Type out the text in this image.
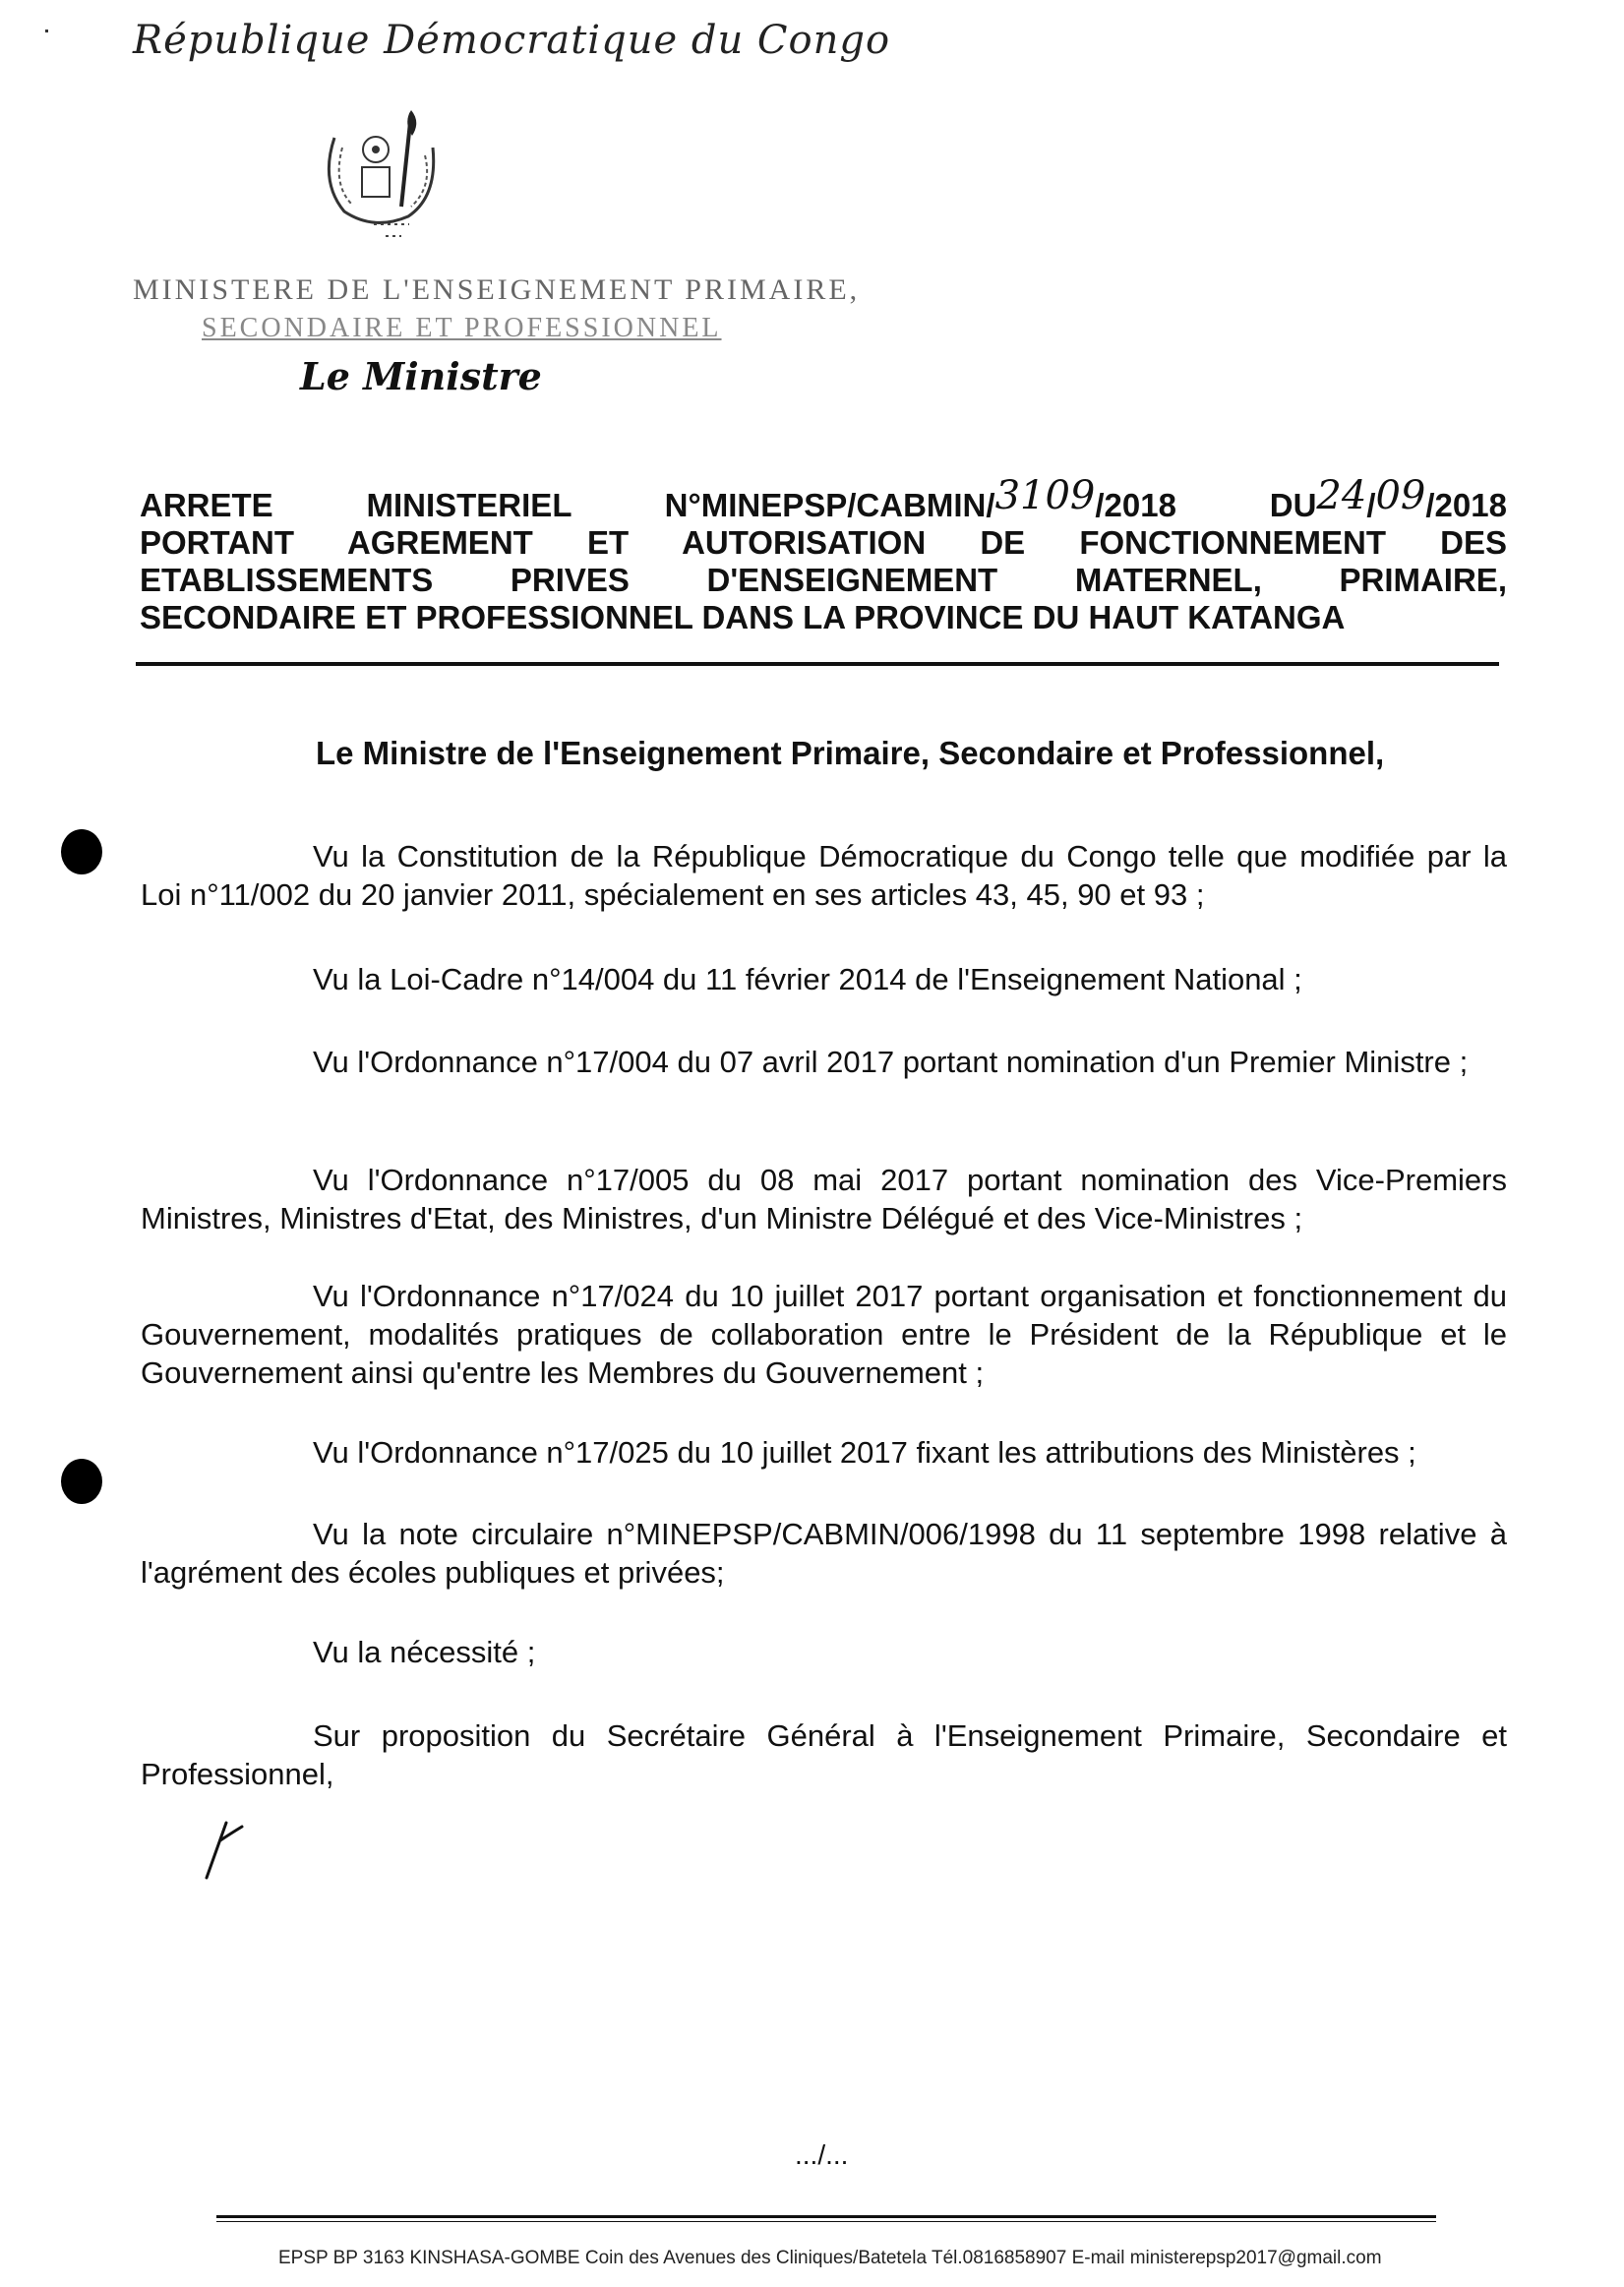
République Démocratique du Congo
MINISTERE DE L'ENSEIGNEMENT PRIMAIRE,
SECONDAIRE ET PROFESSIONNEL
Le Ministre
ARRETE MINISTERIEL N°MINEPSP/CABMIN/3109/2018 DU24/09/2018
PORTANT AGREMENT ET AUTORISATION DE FONCTIONNEMENT DES
ETABLISSEMENTS PRIVES D'ENSEIGNEMENT MATERNEL, PRIMAIRE,
SECONDAIRE ET PROFESSIONNEL DANS LA PROVINCE DU HAUT KATANGA
Le Ministre de l'Enseignement Primaire, Secondaire et Professionnel,
Vu la Constitution de la République Démocratique du Congo telle que modifiée par la Loi n°11/002 du 20 janvier 2011, spécialement en ses articles 43, 45, 90 et 93 ;
Vu la Loi-Cadre n°14/004 du 11 février 2014 de l'Enseignement National ;
Vu l'Ordonnance n°17/004 du 07 avril 2017 portant nomination d'un Premier Ministre ;
Vu l'Ordonnance n°17/005 du 08 mai 2017 portant nomination des Vice-Premiers Ministres, Ministres d'Etat, des Ministres, d'un Ministre Délégué et des Vice-Ministres ;
Vu l'Ordonnance n°17/024 du 10 juillet 2017 portant organisation et fonctionnement du Gouvernement, modalités pratiques de collaboration entre le Président de la République et le Gouvernement ainsi qu'entre les Membres du Gouvernement ;
Vu l'Ordonnance n°17/025 du 10 juillet 2017 fixant les attributions des Ministères ;
Vu la note circulaire n°MINEPSP/CABMIN/006/1998 du 11 septembre 1998 relative à l'agrément des écoles publiques et privées;
Vu la nécessité ;
Sur proposition du Secrétaire Général à l'Enseignement Primaire, Secondaire et Professionnel,
.../...
EPSP BP 3163 KINSHASA-GOMBE Coin des Avenues des Cliniques/Batetela Tél.0816858907 E-mail ministerepsp2017@gmail.com
